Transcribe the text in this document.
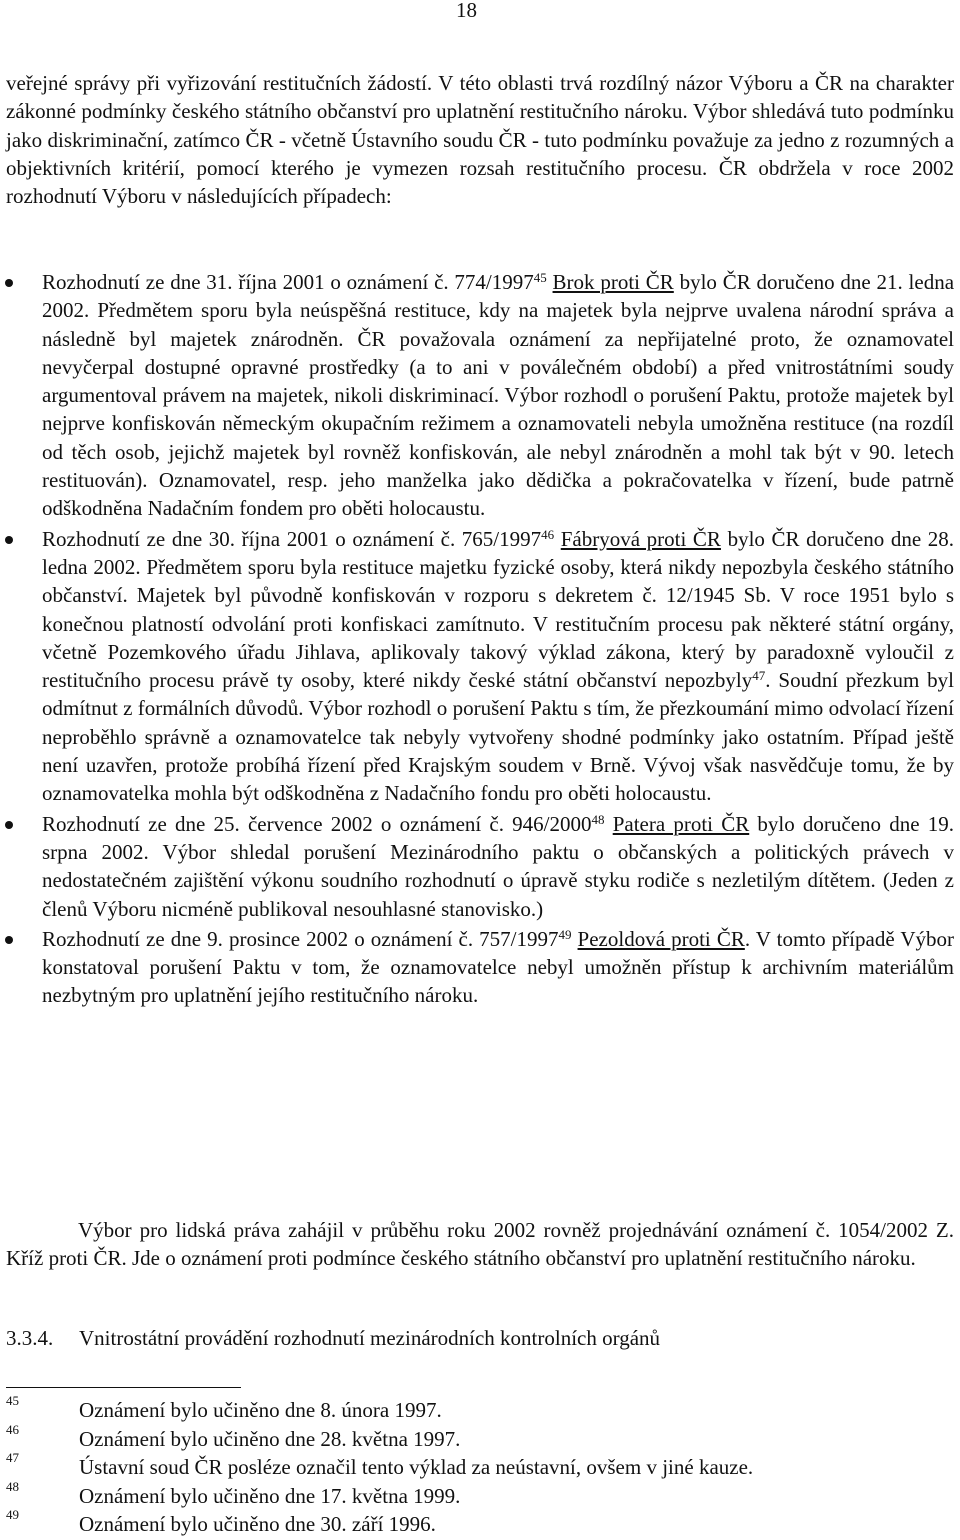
18

veřejné správy při vyřizování restitučních žádostí. V této oblasti trvá rozdílný názor Výboru a ČR na charakter zákonné podmínky českého státního občanství pro uplatnění restitučního nároku. Výbor shledává tuto podmínku jako diskriminační, zatímco ČR - včetně Ústavního soudu ČR - tuto podmínku považuje za jedno z rozumných a objektivních kritérií, pomocí kterého je vymezen rozsah restitučního procesu. ČR obdržela v roce 2002 rozhodnutí Výboru v následujících případech:

Rozhodnutí ze dne 31. října 2001 o oznámení č. 774/1997$^{45}$ Brok proti ČR bylo ČR doručeno dne 21. ledna 2002. Předmětem sporu byla neúspěšná restituce, kdy na majetek byla nejprve uvalena národní správa a následně byl majetek znárodněn. ČR považovala oznámení za nepřijatelné proto, že oznamovatel nevyčerpal dostupné opravné prostředky (a to ani v poválečném období) a před vnitrostátními soudy argumentoval právem na majetek, nikoli diskriminací. Výbor rozhodl o porušení Paktu, protože majetek byl nejprve konfiskován německým okupačním režimem a oznamovateli nebyla umožněna restituce (na rozdíl od těch osob, jejichž majetek byl rovněž konfiskován, ale nebyl znárodněn a mohl tak být v 90. letech restituován). Oznamovatel, resp. jeho manželka jako dědička a pokračovatelka v řízení, bude patrně odškodněna Nadačním fondem pro oběti holocaustu.
Rozhodnutí ze dne 30. října 2001 o oznámení č. 765/1997$^{46}$ Fábryová proti ČR bylo ČR doručeno dne 28. ledna 2002. Předmětem sporu byla restituce majetku fyzické osoby, která nikdy nepozbyla českého státního občanství. Majetek byl původně konfiskován v rozporu s dekretem č. 12/1945 Sb. V roce 1951 bylo s konečnou platností odvolání proti konfiskaci zamítnuto. V restitučním procesu pak některé státní orgány, včetně Pozemkového úřadu Jihlava, aplikovaly takový výklad zákona, který by paradoxně vyloučil z restitučního procesu právě ty osoby, které nikdy české státní občanství nepozbyly$^{47}$. Soudní přezkum byl odmítnut z formálních důvodů. Výbor rozhodl o porušení Paktu s tím, že přezkoumání mimo odvolací řízení neproběhlo správně a oznamovatelce tak nebyly vytvořeny shodné podmínky jako ostatním. Případ ještě není uzavřen, protože probíhá řízení před Krajským soudem v Brně. Vývoj však nasvědčuje tomu, že by oznamovatelka mohla být odškodněna z Nadačního fondu pro oběti holocaustu.
Rozhodnutí ze dne 25. července 2002 o oznámení č. 946/2000$^{48}$ Patera proti ČR bylo doručeno dne 19. srpna 2002. Výbor shledal porušení Mezinárodního paktu o občanských a politických právech v nedostatečném zajištění výkonu soudního rozhodnutí o úpravě styku rodiče s nezletilým dítětem. (Jeden z členů Výboru nicméně publikoval nesouhlasné stanovisko.)
Rozhodnutí ze dne 9. prosince 2002 o oznámení č. 757/1997$^{49}$ Pezoldová proti ČR. V tomto případě Výbor konstatoval porušení Paktu v tom, že oznamovatelce nebyl umožněn přístup k archivním materiálům nezbytným pro uplatnění jejího restitučního nároku.

Výbor pro lidská práva zahájil v průběhu roku 2002 rovněž projednávání oznámení č. 1054/2002 Z. Kříž proti ČR. Jde o oznámení proti podmínce českého státního občanství pro uplatnění restitučního nároku.

3.3.4. Vnitrostátní provádění rozhodnutí mezinárodních kontrolních orgánů
45	Oznámení bylo učiněno dne 8. února 1997.
46	Oznámení bylo učiněno dne 28. května 1997.
47	Ústavní soud ČR posléze označil tento výklad za neústavní, ovšem v jiné kauze.
48	Oznámení bylo učiněno dne 17. května 1999.
49	Oznámení bylo učiněno dne 30. září 1996.
